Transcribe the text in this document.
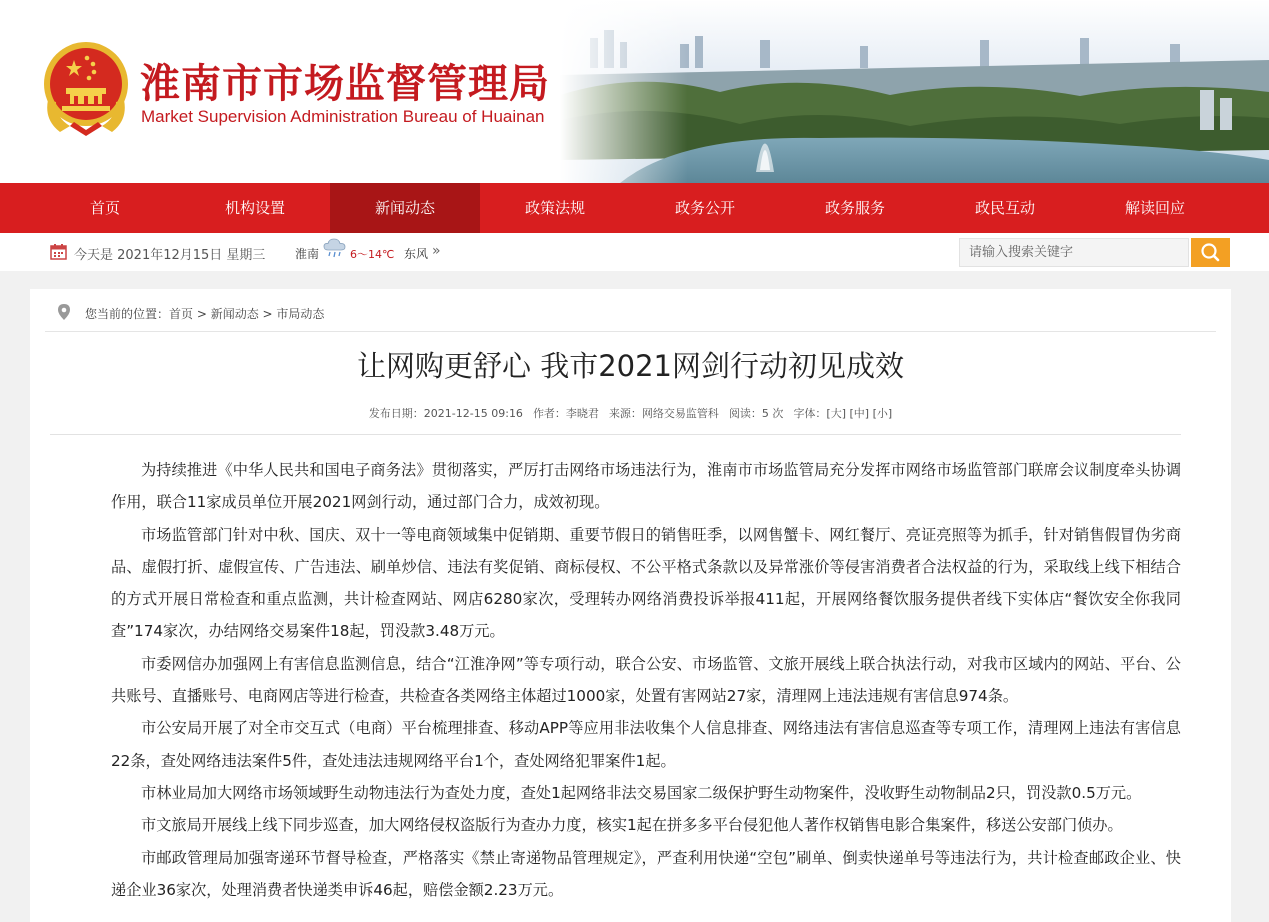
淮南市市场监督管理局
Market Supervision Administration Bureau of Huainan
首页	机构设置	新闻动态	政策法规	政务公开	政务服务	政民互动	解读回应
今天是 2021年12月15日 星期三 淮南	6～14℃ 东风 »
请输入搜索关键字
您当前的位置：首页 > 新闻动态 > 市局动态
让网购更舒心 我市2021网剑行动初见成效
发布日期：2021-12-15 09:16 作者：李晓君 来源：网络交易监管科 阅读：5 次 字体：[大] [中] [小]

为持续推进《中华人民共和国电子商务法》贯彻落实，严厉打击网络市场违法行为，淮南市市场监管局充分发挥市网络市场监管部门联席会议制度牵头协调作用，联合11家成员单位开展2021网剑行动，通过部门合力，成效初现。

市场监管部门针对中秋、国庆、双十一等电商领域集中促销期、重要节假日的销售旺季，以网售蟹卡、网红餐厅、亮证亮照等为抓手，针对销售假冒伪劣商品、虚假打折、虚假宣传、广告违法、刷单炒信、违法有奖促销、商标侵权、不公平格式条款以及异常涨价等侵害消费者合法权益的行为，采取线上线下相结合的方式开展日常检查和重点监测，共计检查网站、网店6280家次，受理转办网络消费投诉举报411起，开展网络餐饮服务提供者线下实体店“餐饮安全你我同查”174家次，办结网络交易案件18起，罚没款3.48万元。

市委网信办加强网上有害信息监测信息，结合“江淮净网”等专项行动，联合公安、市场监管、文旅开展线上联合执法行动，对我市区域内的网站、平台、公共账号、直播账号、电商网店等进行检查，共检查各类网络主体超过1000家，处置有害网站27家，清理网上违法违规有害信息974条。

市公安局开展了对全市交互式（电商）平台梳理排查、移动APP等应用非法收集个人信息排查、网络违法有害信息巡查等专项工作，清理网上违法有害信息22条，查处网络违法案件5件，查处违法违规网络平台1个，查处网络犯罪案件1起。

市林业局加大网络市场领域野生动物违法行为查处力度，查处1起网络非法交易国家二级保护野生动物案件，没收野生动物制品2只，罚没款0.5万元。

市文旅局开展线上线下同步巡查，加大网络侵权盗版行为查办力度，核实1起在拼多多平台侵犯他人著作权销售电影合集案件，移送公安部门侦办。

市邮政管理局加强寄递环节督导检查，严格落实《禁止寄递物品管理规定》，严查利用快递“空包”刷单、倒卖快递单号等违法行为，共计检查邮政企业、快递企业36家次，处理消费者快递类申诉46起，赔偿金额2.23万元。
